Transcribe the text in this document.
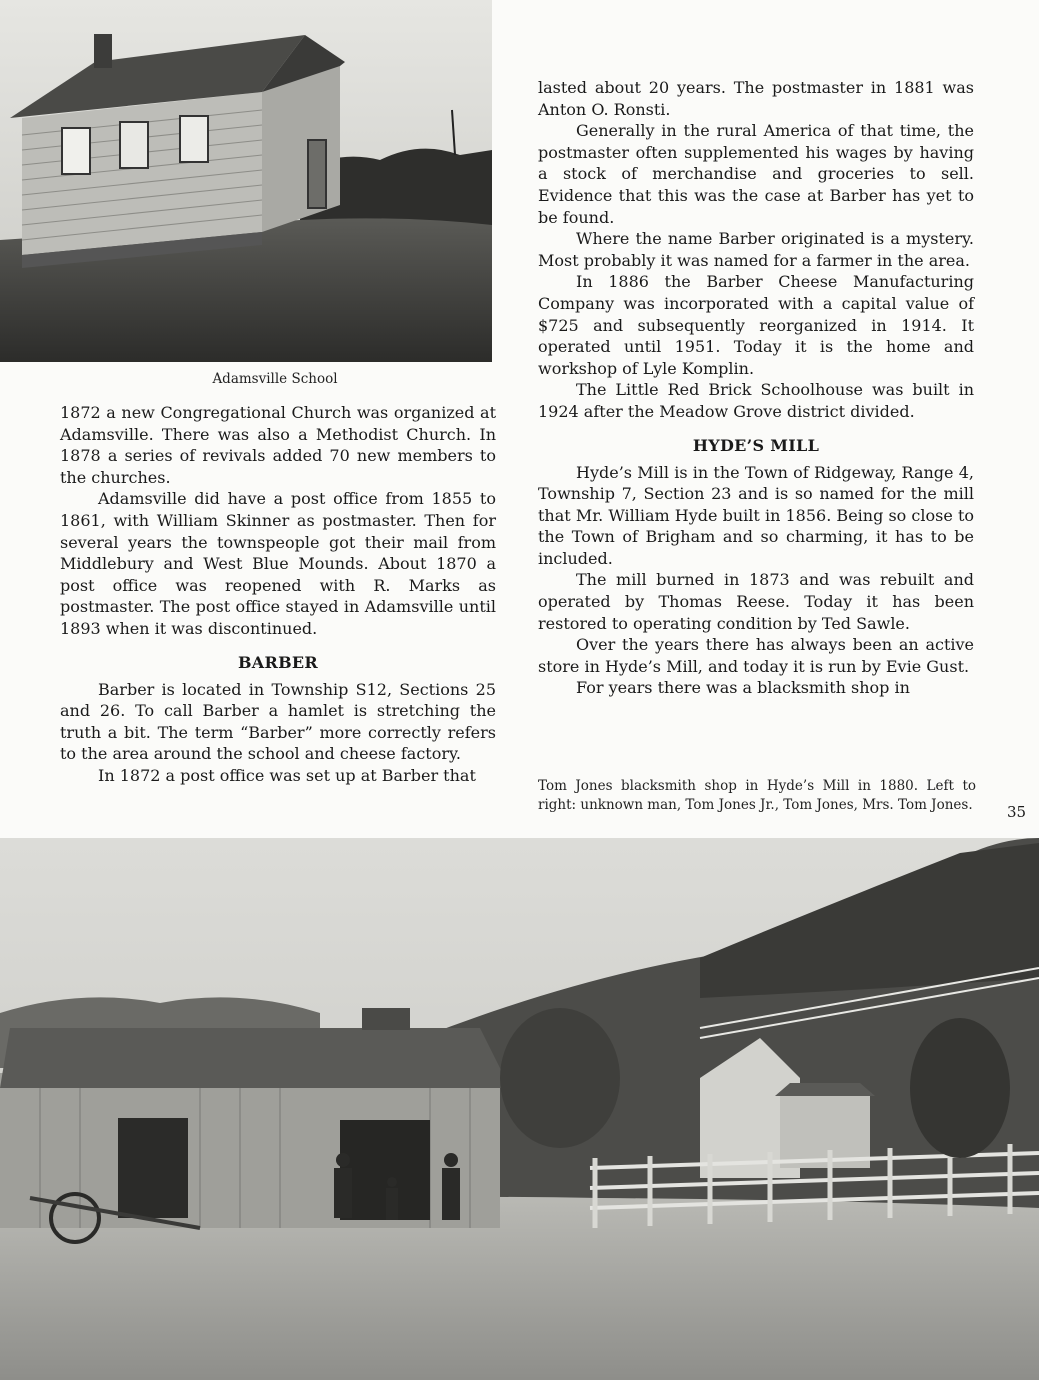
Adamsville School

1872 a new Congregational Church was organized at Adamsville. There was also a Methodist Church. In 1878 a series of revivals added 70 new members to the churches.

Adamsville did have a post office from 1855 to 1861, with William Skinner as postmaster. Then for several years the townspeople got their mail from Middlebury and West Blue Mounds. About 1870 a post office was reopened with R. Marks as postmaster. The post office stayed in Adamsville until 1893 when it was discontinued.

BARBER

Barber is located in Township S12, Sections 25 and 26. To call Barber a hamlet is stretching the truth a bit. The term “Barber” more correctly refers to the area around the school and cheese factory.

In 1872 a post office was set up at Barber that

lasted about 20 years. The postmaster in 1881 was Anton O. Ronsti.

Generally in the rural America of that time, the postmaster often supplemented his wages by having a stock of merchandise and groceries to sell. Evidence that this was the case at Barber has yet to be found.

Where the name Barber originated is a mystery. Most probably it was named for a farmer in the area.

In 1886 the Barber Cheese Manufacturing Company was incorporated with a capital value of $725 and subsequently reorganized in 1914. It operated until 1951. Today it is the home and workshop of Lyle Komplin.

The Little Red Brick Schoolhouse was built in 1924 after the Meadow Grove district divided.

HYDE’S MILL

Hyde’s Mill is in the Town of Ridgeway, Range 4, Township 7, Section 23 and is so named for the mill that Mr. William Hyde built in 1856. Being so close to the Town of Brigham and so charming, it has to be included.

The mill burned in 1873 and was rebuilt and operated by Thomas Reese. Today it has been restored to operating condition by Ted Sawle.

Over the years there has always been an active store in Hyde’s Mill, and today it is run by Evie Gust.

For years there was a blacksmith shop in

Tom Jones blacksmith shop in Hyde’s Mill in 1880. Left to right: unknown man, Tom Jones Jr., Tom Jones, Mrs. Tom Jones. 35
